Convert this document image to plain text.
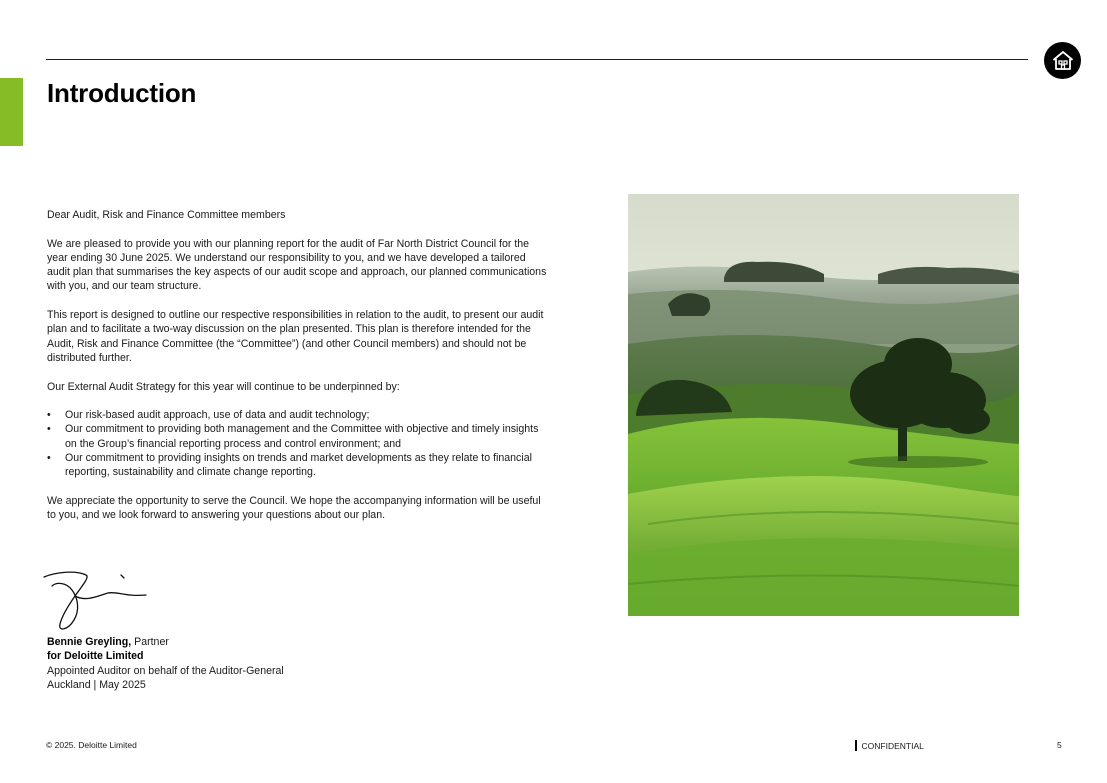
Introduction

Dear Audit, Risk and Finance Committee members

We are pleased to provide you with our planning report for the audit of Far North District Council for the year ending 30 June 2025. We understand our responsibility to you, and we have developed a tailored audit plan that summarises the key aspects of our audit scope and approach, our planned communications with you, and our team structure.

This report is designed to outline our respective responsibilities in relation to the audit, to present our audit plan and to facilitate a two-way discussion on the plan presented. This plan is therefore intended for the Audit, Risk and Finance Committee (the “Committee”) (and other Council members) and should not be distributed further.

Our External Audit Strategy for this year will continue to be underpinned by:

• Our risk-based audit approach, use of data and audit technology;
• Our commitment to providing both management and the Committee with objective and timely insights on the Group’s financial reporting process and control environment; and
• Our commitment to providing insights on trends and market developments as they relate to financial reporting, sustainability and climate change reporting.

We appreciate the opportunity to serve the Council. We hope the accompanying information will be useful to you, and we look forward to answering your questions about our plan.

Bennie Greyling, Partner
for Deloitte Limited
Appointed Auditor on behalf of the Auditor-General
Auckland | May 2025
© 2025. Deloitte Limited	CONFIDENTIAL	5
